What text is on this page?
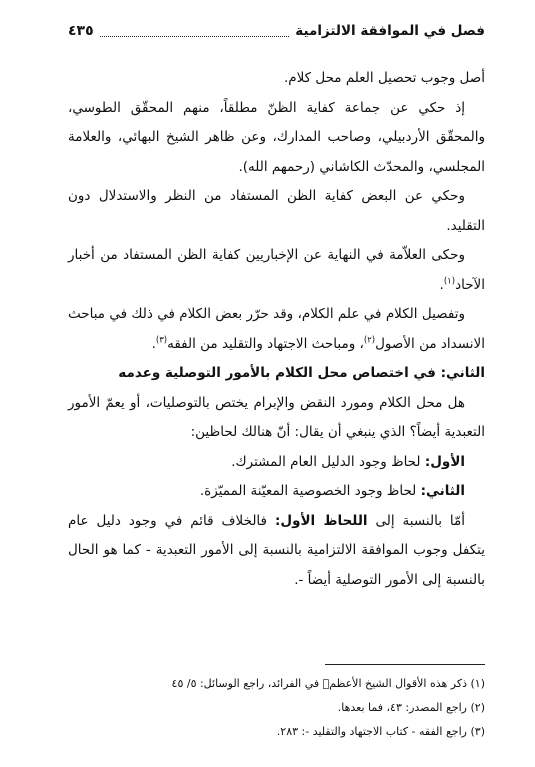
فصل في الموافقة الالتزامية
٤٣٥

أصل وجوب تحصيل العلم محل كلام.

إذ حكي عن جماعة كفاية الظنّ مطلقاً، منهم المحقّق الطوسي، والمحقّق الأردبيلي، وصاحب المدارك، وعن ظاهر الشيخ البهائي، والعلامة المجلسي، والمحدّث الكاشاني (رحمهم الله).

وحكي عن البعض كفاية الظن المستفاد من النظر والاستدلال دون التقليد.

وحكى العلاّمة في النهاية عن الإخباريين كفاية الظن المستفاد من أخبار الآحاد$^{(١)}$.

وتفصيل الكلام في علم الكلام، وقد حرّر بعض الكلام في ذلك في مباحث الانسداد من الأصول$^{(٢)}$، ومباحث الاجتهاد والتقليد من الفقه$^{(٣)}$.

الثاني: في اختصاص محل الكلام بالأمور التوصلية وعدمه

هل محل الكلام ومورد النقض والإبرام يختص بالتوصليات، أو يعمّ الأمور التعبدية أيضاً؟ الذي ينبغي أن يقال: أنّ هنالك لحاظين:

الأول: لحاظ وجود الدليل العام المشترك.

الثاني: لحاظ وجود الخصوصية المعيّنة المميّزة.

أمّا بالنسبة إلى اللحاظ الأول: فالخلاف قائم في وجود دليل عام يتكفل وجوب الموافقة الالتزامية بالنسبة إلى الأمور التعبدية - كما هو الحال بالنسبة إلى الأمور التوصلية أيضاً -.

(١) ذكر هذه الأقوال الشيخ الأعظمۖ في الفرائد، راجع الوسائل: ٥/ ٤٥

(٢) راجع المصدر: ٤٣، فما بعدها.

(٣) راجع الفقه - كتاب الاجتهاد والتقليد -: ٢٨٣.
